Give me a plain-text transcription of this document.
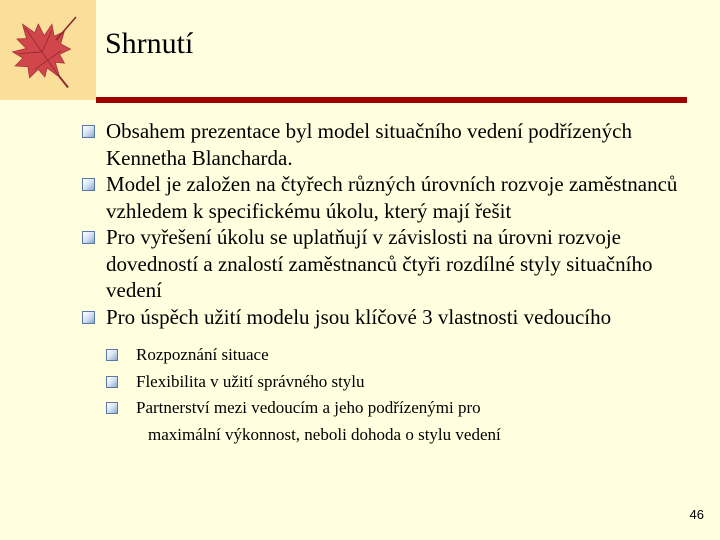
Shrnutí
Obsahem prezentace byl model situačního vedení podřízených Kennetha Blancharda.
Model je založen na čtyřech různých úrovních rozvoje zaměstnanců vzhledem k specifickému úkolu, který mají řešit
Pro vyřešení úkolu se uplatňují v závislosti na úrovni rozvoje dovedností a znalostí zaměstnanců čtyři rozdílné styly situačního vedení
Pro úspěch užití modelu jsou klíčové 3 vlastnosti vedoucího
Rozpoznání situace
Flexibilita v užití správného stylu
Partnerství mezi vedoucím a jeho podřízenými pro
maximální výkonnost, neboli dohoda o stylu vedení
46
